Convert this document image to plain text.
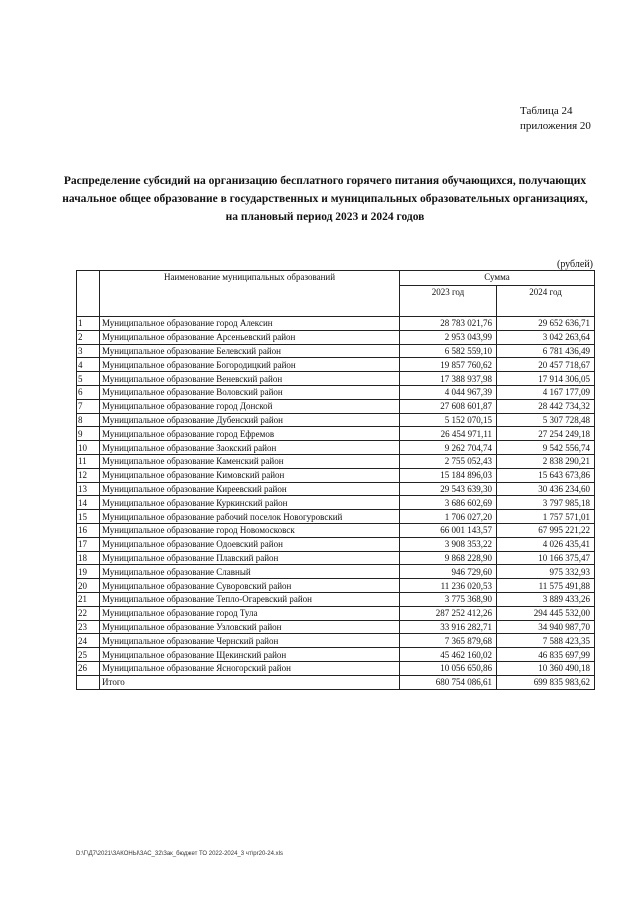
Таблица 24
приложения 20
Распределение субсидий на организацию бесплатного горячего питания обучающихся, получающих начальное общее образование в государственных и муниципальных образовательных организациях, на плановый период 2023 и 2024 годов
(рублей)
	Наименование муниципальных образований	Сумма	
		2023 год	2024 год
1	Муниципальное образование город Алексин	28 783 021,76	29 652 636,71
2	Муниципальное образование Арсеньевский район	2 953 043,99	3 042 263,64
3	Муниципальное образование Белевский район	6 582 559,10	6 781 436,49
4	Муниципальное образование Богородицкий район	19 857 760,62	20 457 718,67
5	Муниципальное образование Веневский район	17 388 937,98	17 914 306,05
6	Муниципальное образование Воловский район	4 044 967,39	4 167 177,09
7	Муниципальное образование город Донской	27 608 601,87	28 442 734,32
8	Муниципальное образование Дубенский район	5 152 070,15	5 307 728,48
9	Муниципальное образование город Ефремов	26 454 971,11	27 254 249,18
10	Муниципальное образование Заокский район	9 262 704,74	9 542 556,74
11	Муниципальное образование Каменский район	2 755 052,43	2 838 290,21
12	Муниципальное образование Кимовский район	15 184 896,03	15 643 673,86
13	Муниципальное образование Киреевский район	29 543 639,30	30 436 234,60
14	Муниципальное образование Куркинский район	3 686 602,69	3 797 985,18
15	Муниципальное образование рабочий поселок Новогуровский	1 706 027,20	1 757 571,01
16	Муниципальное образование город Новомосковск	66 001 143,57	67 995 221,22
17	Муниципальное образование Одоевский район	3 908 353,22	4 026 435,41
18	Муниципальное образование Плавский район	9 868 228,90	10 166 375,47
19	Муниципальное образование Славный	946 729,60	975 332,93
20	Муниципальное образование Суворовский район	11 236 020,53	11 575 491,88
21	Муниципальное образование Тепло-Огаревский район	3 775 368,90	3 889 433,26
22	Муниципальное образование город Тула	287 252 412,26	294 445 532,00
23	Муниципальное образование Узловский район	33 916 282,71	34 940 987,70
24	Муниципальное образование Чернский район	7 365 879,68	7 588 423,35
25	Муниципальное образование Щекинский район	45 462 160,02	46 835 697,99
26	Муниципальное образование Ясногорский район	10 056 650,86	10 360 490,18
	Итого	680 754 086,61	699 835 983,62
D:\Г\Д7\2021\ЗАКОНЫ\ЗАС_32\Зак_бюджет ТО 2022-2024_3 чт\pr20-24.xls
